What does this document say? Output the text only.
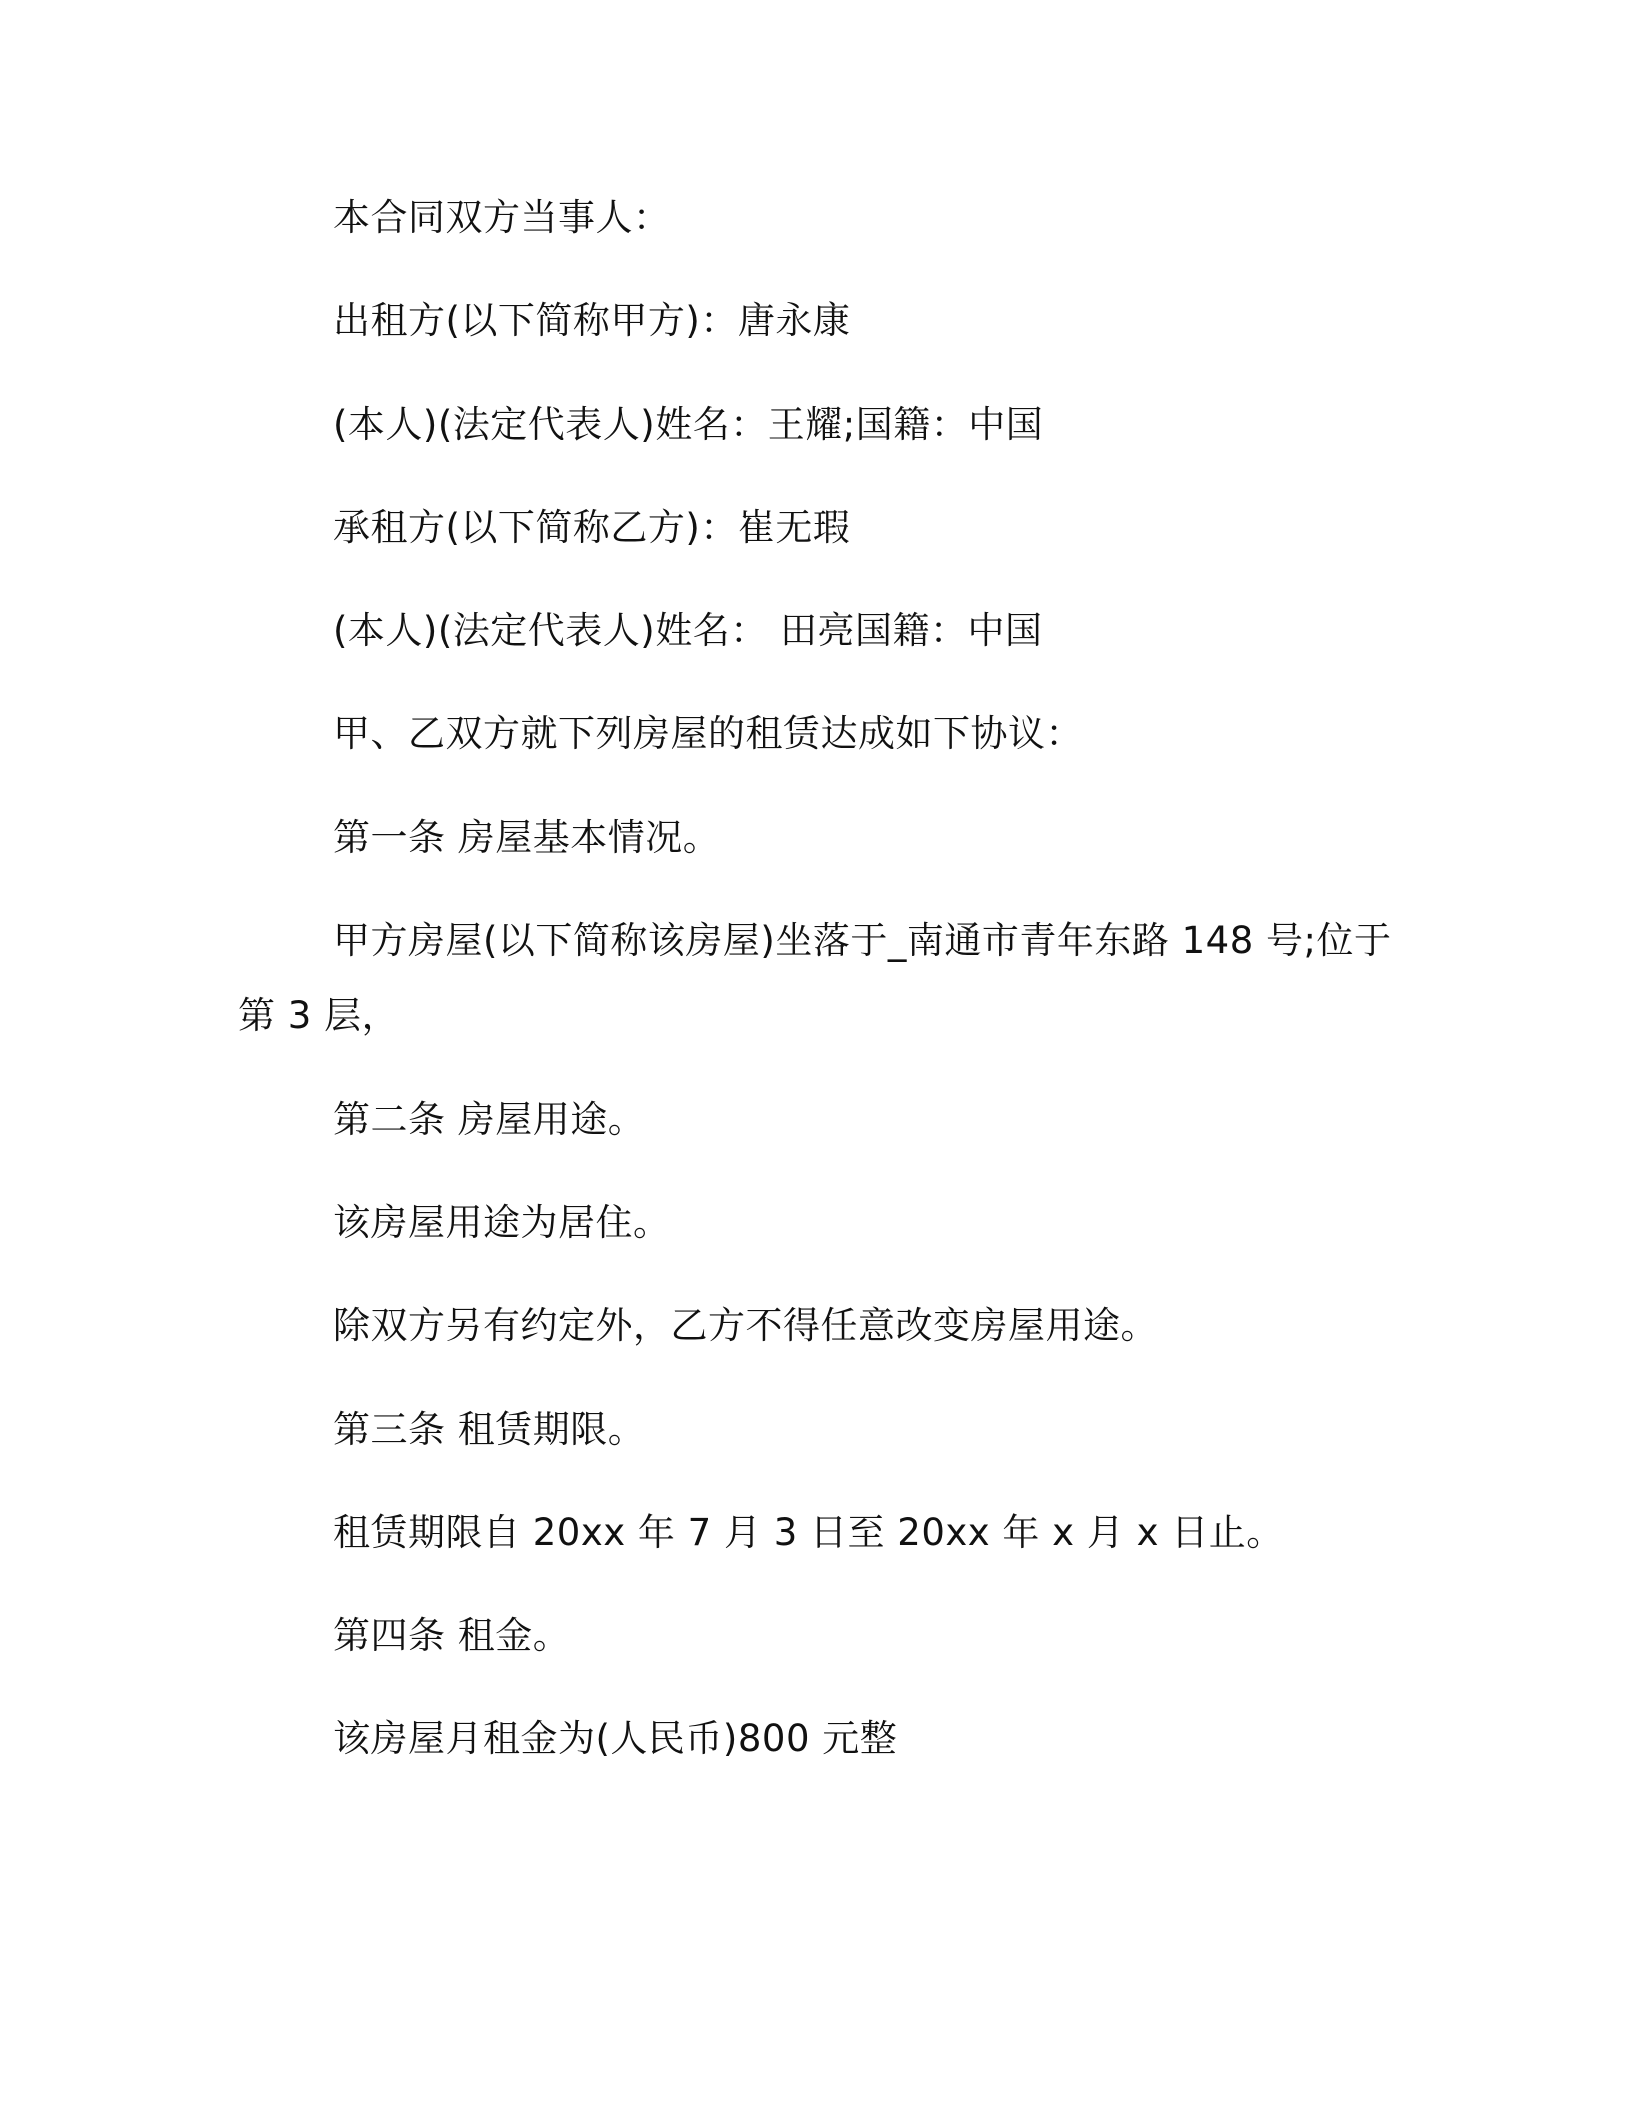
本合同双方当事人：
出租方(以下简称甲方)：唐永康
(本人)(法定代表人)姓名：王耀;国籍：中国
承租方(以下简称乙方)：崔无瑕
(本人)(法定代表人)姓名： 田亮国籍：中国
甲、乙双方就下列房屋的租赁达成如下协议：
第一条 房屋基本情况。
甲方房屋(以下简称该房屋)坐落于_南通市青年东路 148 号;位于
第 3 层，
第二条 房屋用途。
该房屋用途为居住。
除双方另有约定外，乙方不得任意改变房屋用途。
第三条 租赁期限。
租赁期限自 20xx 年 7 月 3 日至 20xx 年 x 月 x 日止。
第四条 租金。
该房屋月租金为(人民币)800 元整
